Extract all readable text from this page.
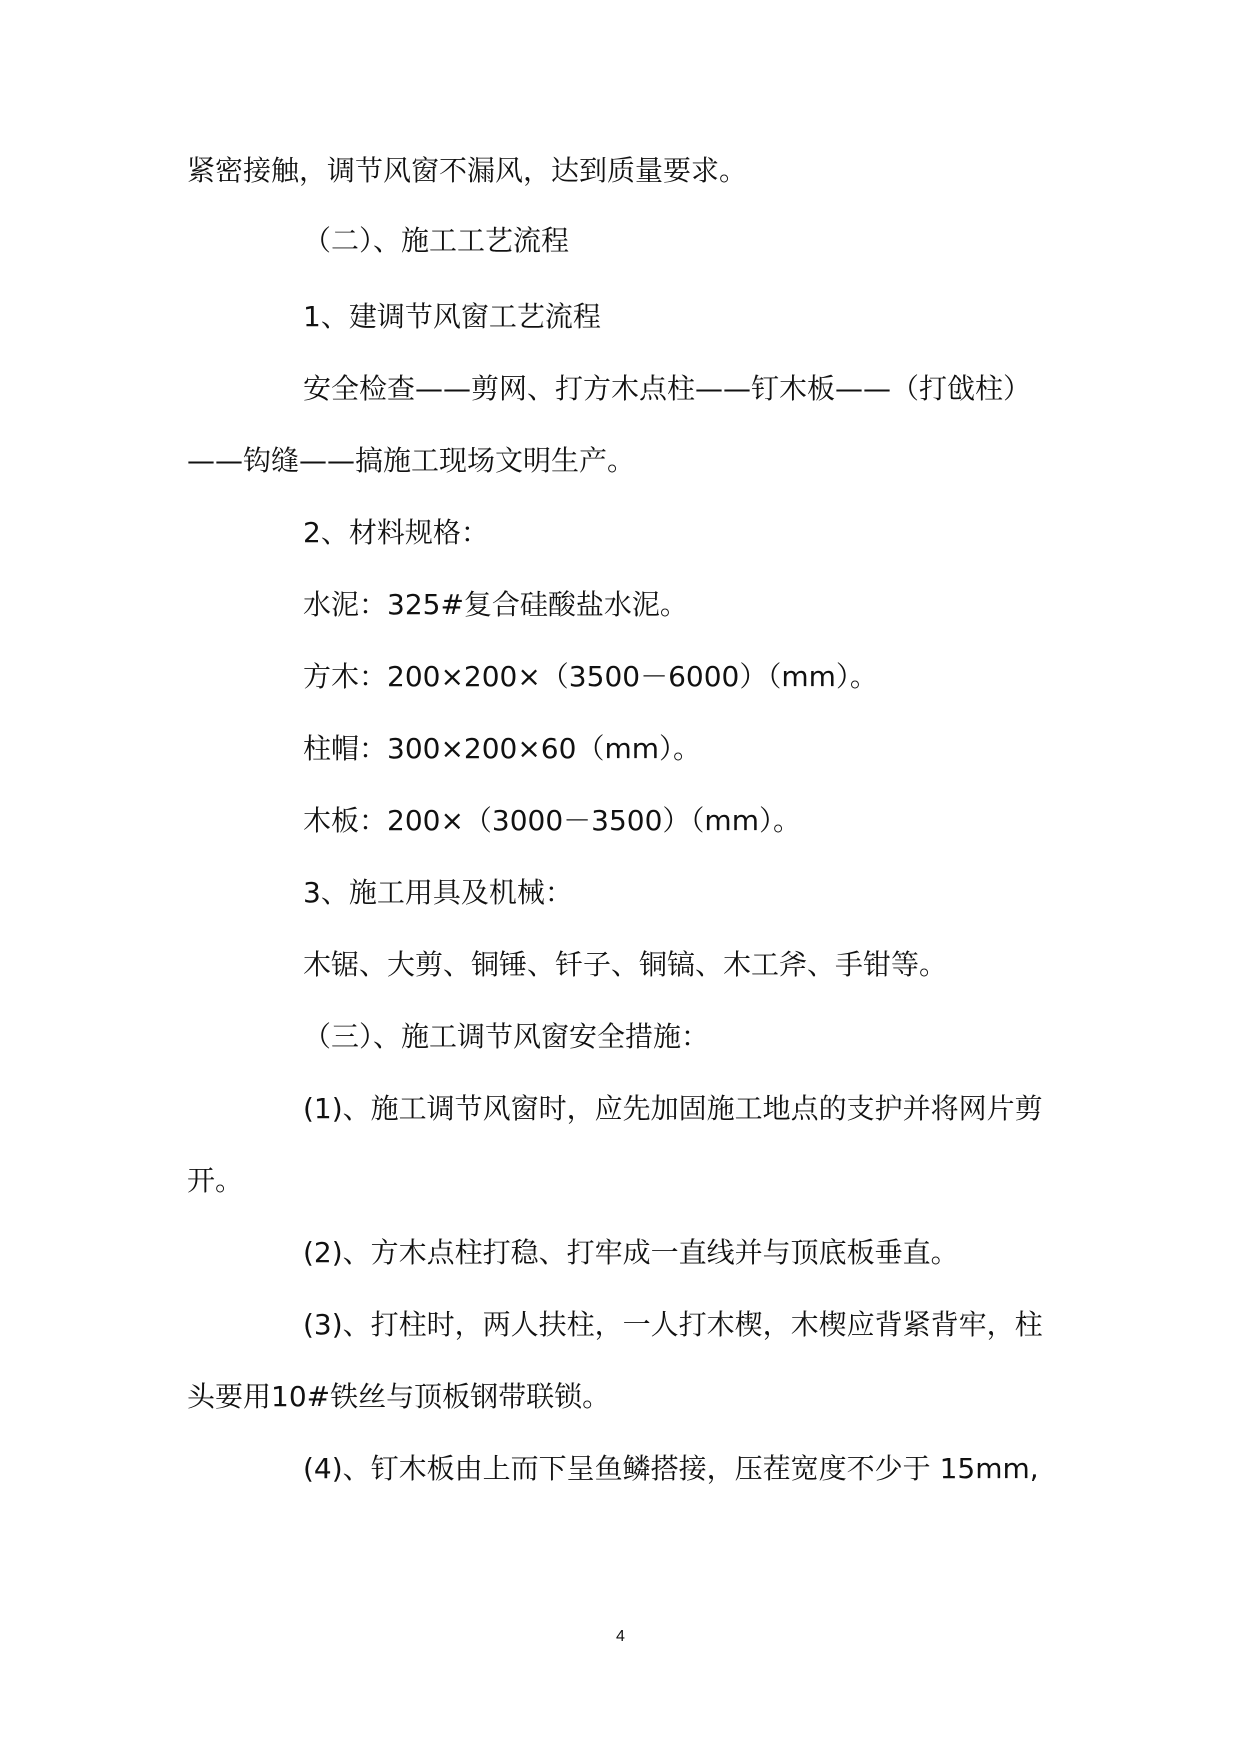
紧密接触，调节风窗不漏风，达到质量要求。
（二）、施工工艺流程
1、建调节风窗工艺流程
安全检查——剪网、打方木点柱——钉木板——（打戗柱）
——钩缝——搞施工现场文明生产。
2、材料规格：
水泥：325#复合硅酸盐水泥。
方木：200×200×（3500－6000）（mm）。
柱帽：300×200×60（mm）。
木板：200×（3000－3500）（mm）。
3、施工用具及机械：
木锯、大剪、铜锤、钎子、铜镐、木工斧、手钳等。
（三）、施工调节风窗安全措施：
(1)、施工调节风窗时，应先加固施工地点的支护并将网片剪
开。
(2)、方木点柱打稳、打牢成一直线并与顶底板垂直。
(3)、打柱时，两人扶柱，一人打木楔，木楔应背紧背牢，柱
头要用10#铁丝与顶板钢带联锁。
(4)、钉木板由上而下呈鱼鳞搭接，压茬宽度不少于 15mm,
4
